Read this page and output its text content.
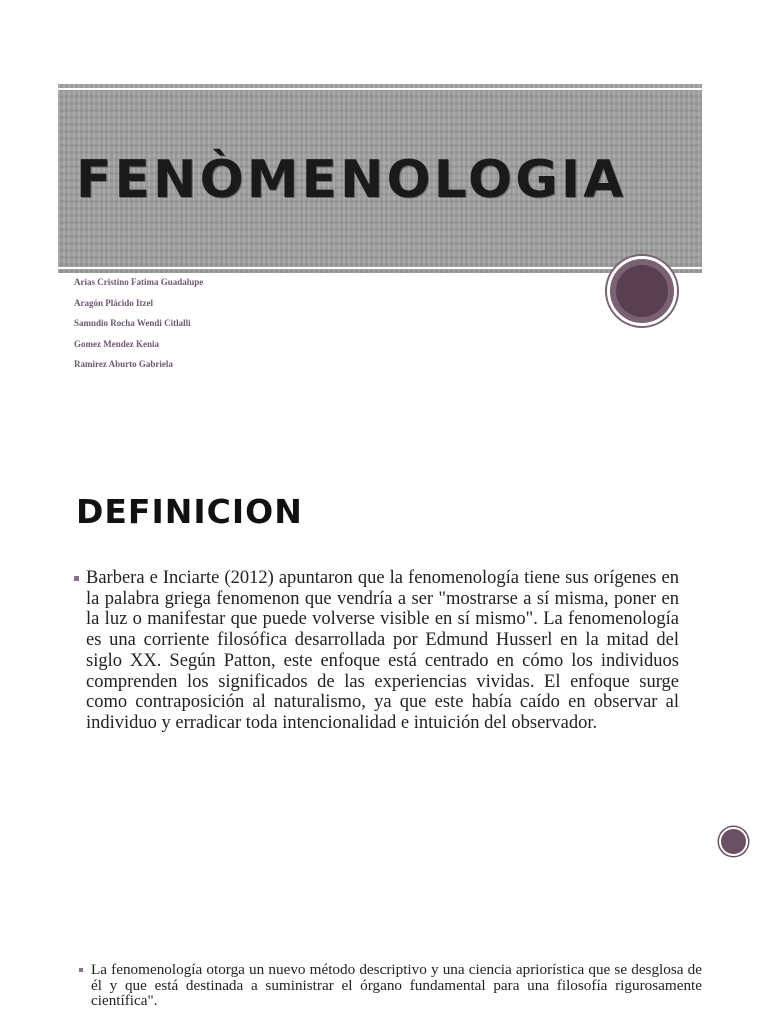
FENÒMENOLOGIA
Arias Cristino Fatima Guadalupe
Aragón Plácido Itzel
Samudio Rocha Wendi Citlalli
Gomez Mendez Kenia
Ramirez Aburto Gabriela
DEFINICION
Barbera e Inciarte (2012) apuntaron que la fenomenología tiene sus orígenes en la palabra griega fenomenon que vendría a ser "mostrarse a sí misma, poner en la luz o manifestar que puede volverse visible en sí mismo". La fenomenología es una corriente filosófica desarrollada por Edmund Husserl en la mitad del siglo XX. Según Patton, este enfoque está centrado en cómo los individuos comprenden los significados de las experiencias vividas. El enfoque surge como contraposición al naturalismo, ya que este había caído en observar al individuo y erradicar toda intencionalidad e intuición del observador.
La fenomenología otorga un nuevo método descriptivo y una ciencia apriorística que se desglosa de él y que está destinada a suministrar el órgano fundamental para una filosofía rigurosamente científica".
